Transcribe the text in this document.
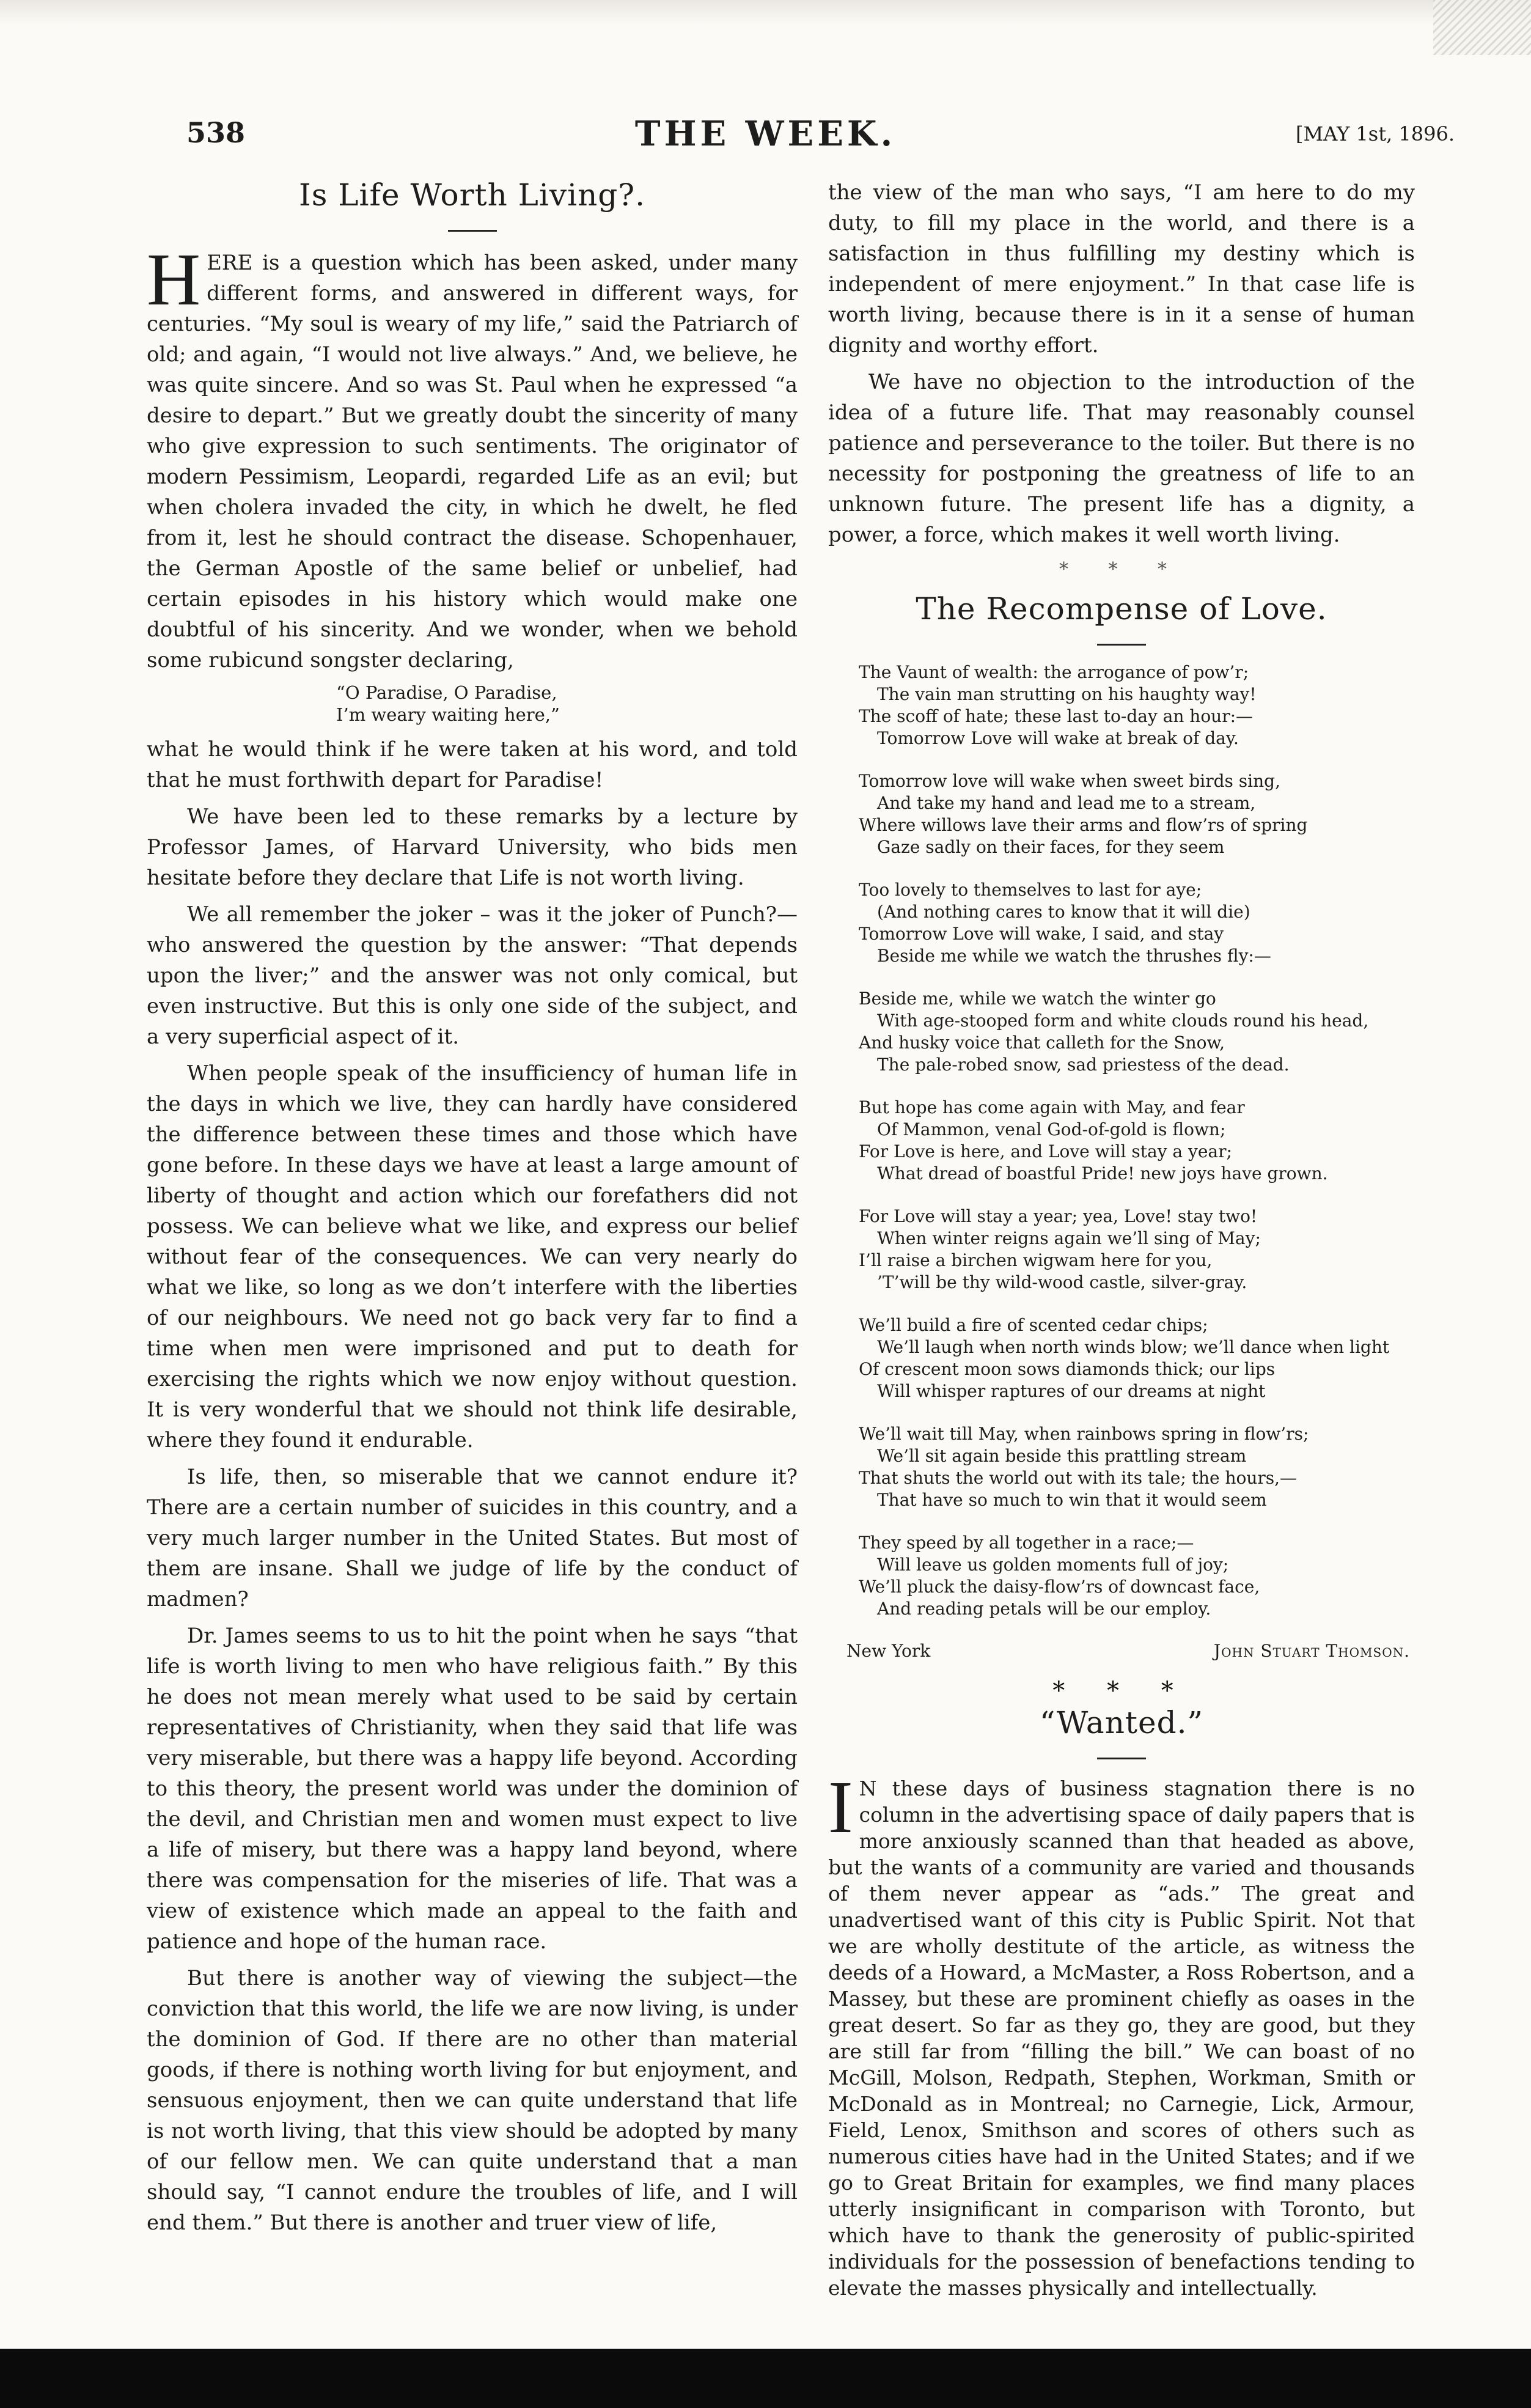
538	THE WEEK.	[MAY 1st, 1896.
Is Life Worth Living?.

HERE is a question which has been asked, under many different forms, and answered in different ways, for centuries. “My soul is weary of my life,” said the Patriarch of old; and again, “I would not live always.” And, we believe, he was quite sincere. And so was St. Paul when he expressed “a desire to depart.” But we greatly doubt the sincerity of many who give expression to such sentiments. The originator of modern Pessimism, Leopardi, regarded Life as an evil; but when cholera invaded the city, in which he dwelt, he fled from it, lest he should contract the disease. Schopenhauer, the German Apostle of the same belief or unbelief, had certain episodes in his history which would make one doubtful of his sincerity. And we wonder, when we behold some rubicund songster declaring,

“O Paradise, O Paradise,
I’m weary waiting here,”

what he would think if he were taken at his word, and told that he must forthwith depart for Paradise!

We have been led to these remarks by a lecture by Professor James, of Harvard University, who bids men hesitate before they declare that Life is not worth living.

We all remember the joker – was it the joker of Punch?— who answered the question by the answer: “That depends upon the liver;” and the answer was not only comical, but even instructive. But this is only one side of the subject, and a very superficial aspect of it.

When people speak of the insufficiency of human life in the days in which we live, they can hardly have considered the difference between these times and those which have gone before. In these days we have at least a large amount of liberty of thought and action which our forefathers did not possess. We can believe what we like, and express our belief without fear of the consequences. We can very nearly do what we like, so long as we don’t interfere with the liberties of our neighbours. We need not go back very far to find a time when men were imprisoned and put to death for exercising the rights which we now enjoy without question. It is very wonderful that we should not think life desirable, where they found it endurable.

Is life, then, so miserable that we cannot endure it? There are a certain number of suicides in this country, and a very much larger number in the United States. But most of them are insane. Shall we judge of life by the conduct of madmen?

Dr. James seems to us to hit the point when he says “that life is worth living to men who have religious faith.” By this he does not mean merely what used to be said by certain representatives of Christianity, when they said that life was very miserable, but there was a happy life beyond. According to this theory, the present world was under the dominion of the devil, and Christian men and women must expect to live a life of misery, but there was a happy land beyond, where there was compensation for the miseries of life. That was a view of existence which made an appeal to the faith and patience and hope of the human race.

But there is another way of viewing the subject—the conviction that this world, the life we are now living, is under the dominion of God. If there are no other than material goods, if there is nothing worth living for but enjoyment, and sensuous enjoyment, then we can quite understand that life is not worth living, that this view should be adopted by many of our fellow men. We can quite understand that a man should say, “I cannot endure the troubles of life, and I will end them.” But there is another and truer view of life,

the view of the man who says, “I am here to do my duty, to fill my place in the world, and there is a satisfaction in thus fulfilling my destiny which is independent of mere enjoyment.” In that case life is worth living, because there is in it a sense of human dignity and worthy effort.

We have no objection to the introduction of the idea of a future life. That may reasonably counsel patience and perseverance to the toiler. But there is no necessity for postponing the greatness of life to an unknown future. The present life has a dignity, a power, a force, which makes it well worth living.

* * *
The Recompense of Love.
The Vaunt of wealth: the arrogance of pow’r;
The vain man strutting on his haughty way!
The scoff of hate; these last to-day an hour:—
Tomorrow Love will wake at break of day.
Tomorrow love will wake when sweet birds sing,
And take my hand and lead me to a stream,
Where willows lave their arms and flow’rs of spring
Gaze sadly on their faces, for they seem
Too lovely to themselves to last for aye;
(And nothing cares to know that it will die)
Tomorrow Love will wake, I said, and stay
Beside me while we watch the thrushes fly:—
Beside me, while we watch the winter go
With age-stooped form and white clouds round his head,
And husky voice that calleth for the Snow,
The pale-robed snow, sad priestess of the dead.
But hope has come again with May, and fear
Of Mammon, venal God-of-gold is flown;
For Love is here, and Love will stay a year;
What dread of boastful Pride! new joys have grown.
For Love will stay a year; yea, Love! stay two!
When winter reigns again we’ll sing of May;
I’ll raise a birchen wigwam here for you,
’T’will be thy wild-wood castle, silver-gray.
We’ll build a fire of scented cedar chips;
We’ll laugh when north winds blow; we’ll dance when light
Of crescent moon sows diamonds thick; our lips
Will whisper raptures of our dreams at night
We’ll wait till May, when rainbows spring in flow’rs;
We’ll sit again beside this prattling stream
That shuts the world out with its tale; the hours,—
That have so much to win that it would seem
They speed by all together in a race;—
Will leave us golden moments full of joy;
We’ll pluck the daisy-flow’rs of downcast face,
And reading petals will be our employ.
New York	John Stuart Thomson.
* * *
“Wanted.”

I N these days of business stagnation there is no column in the advertising space of daily papers that is more anxiously scanned than that headed as above, but the wants of a community are varied and thousands of them never appear as “ads.” The great and unadvertised want of this city is Public Spirit. Not that we are wholly destitute of the article, as witness the deeds of a Howard, a McMaster, a Ross Robertson, and a Massey, but these are prominent chiefly as oases in the great desert. So far as they go, they are good, but they are still far from “filling the bill.” We can boast of no McGill, Molson, Redpath, Stephen, Workman, Smith or McDonald as in Montreal; no Carnegie, Lick, Armour, Field, Lenox, Smithson and scores of others such as numerous cities have had in the United States; and if we go to Great Britain for examples, we find many places utterly insignificant in comparison with Toronto, but which have to thank the generosity of public-spirited individuals for the possession of benefactions tending to elevate the masses physically and intellectually.
